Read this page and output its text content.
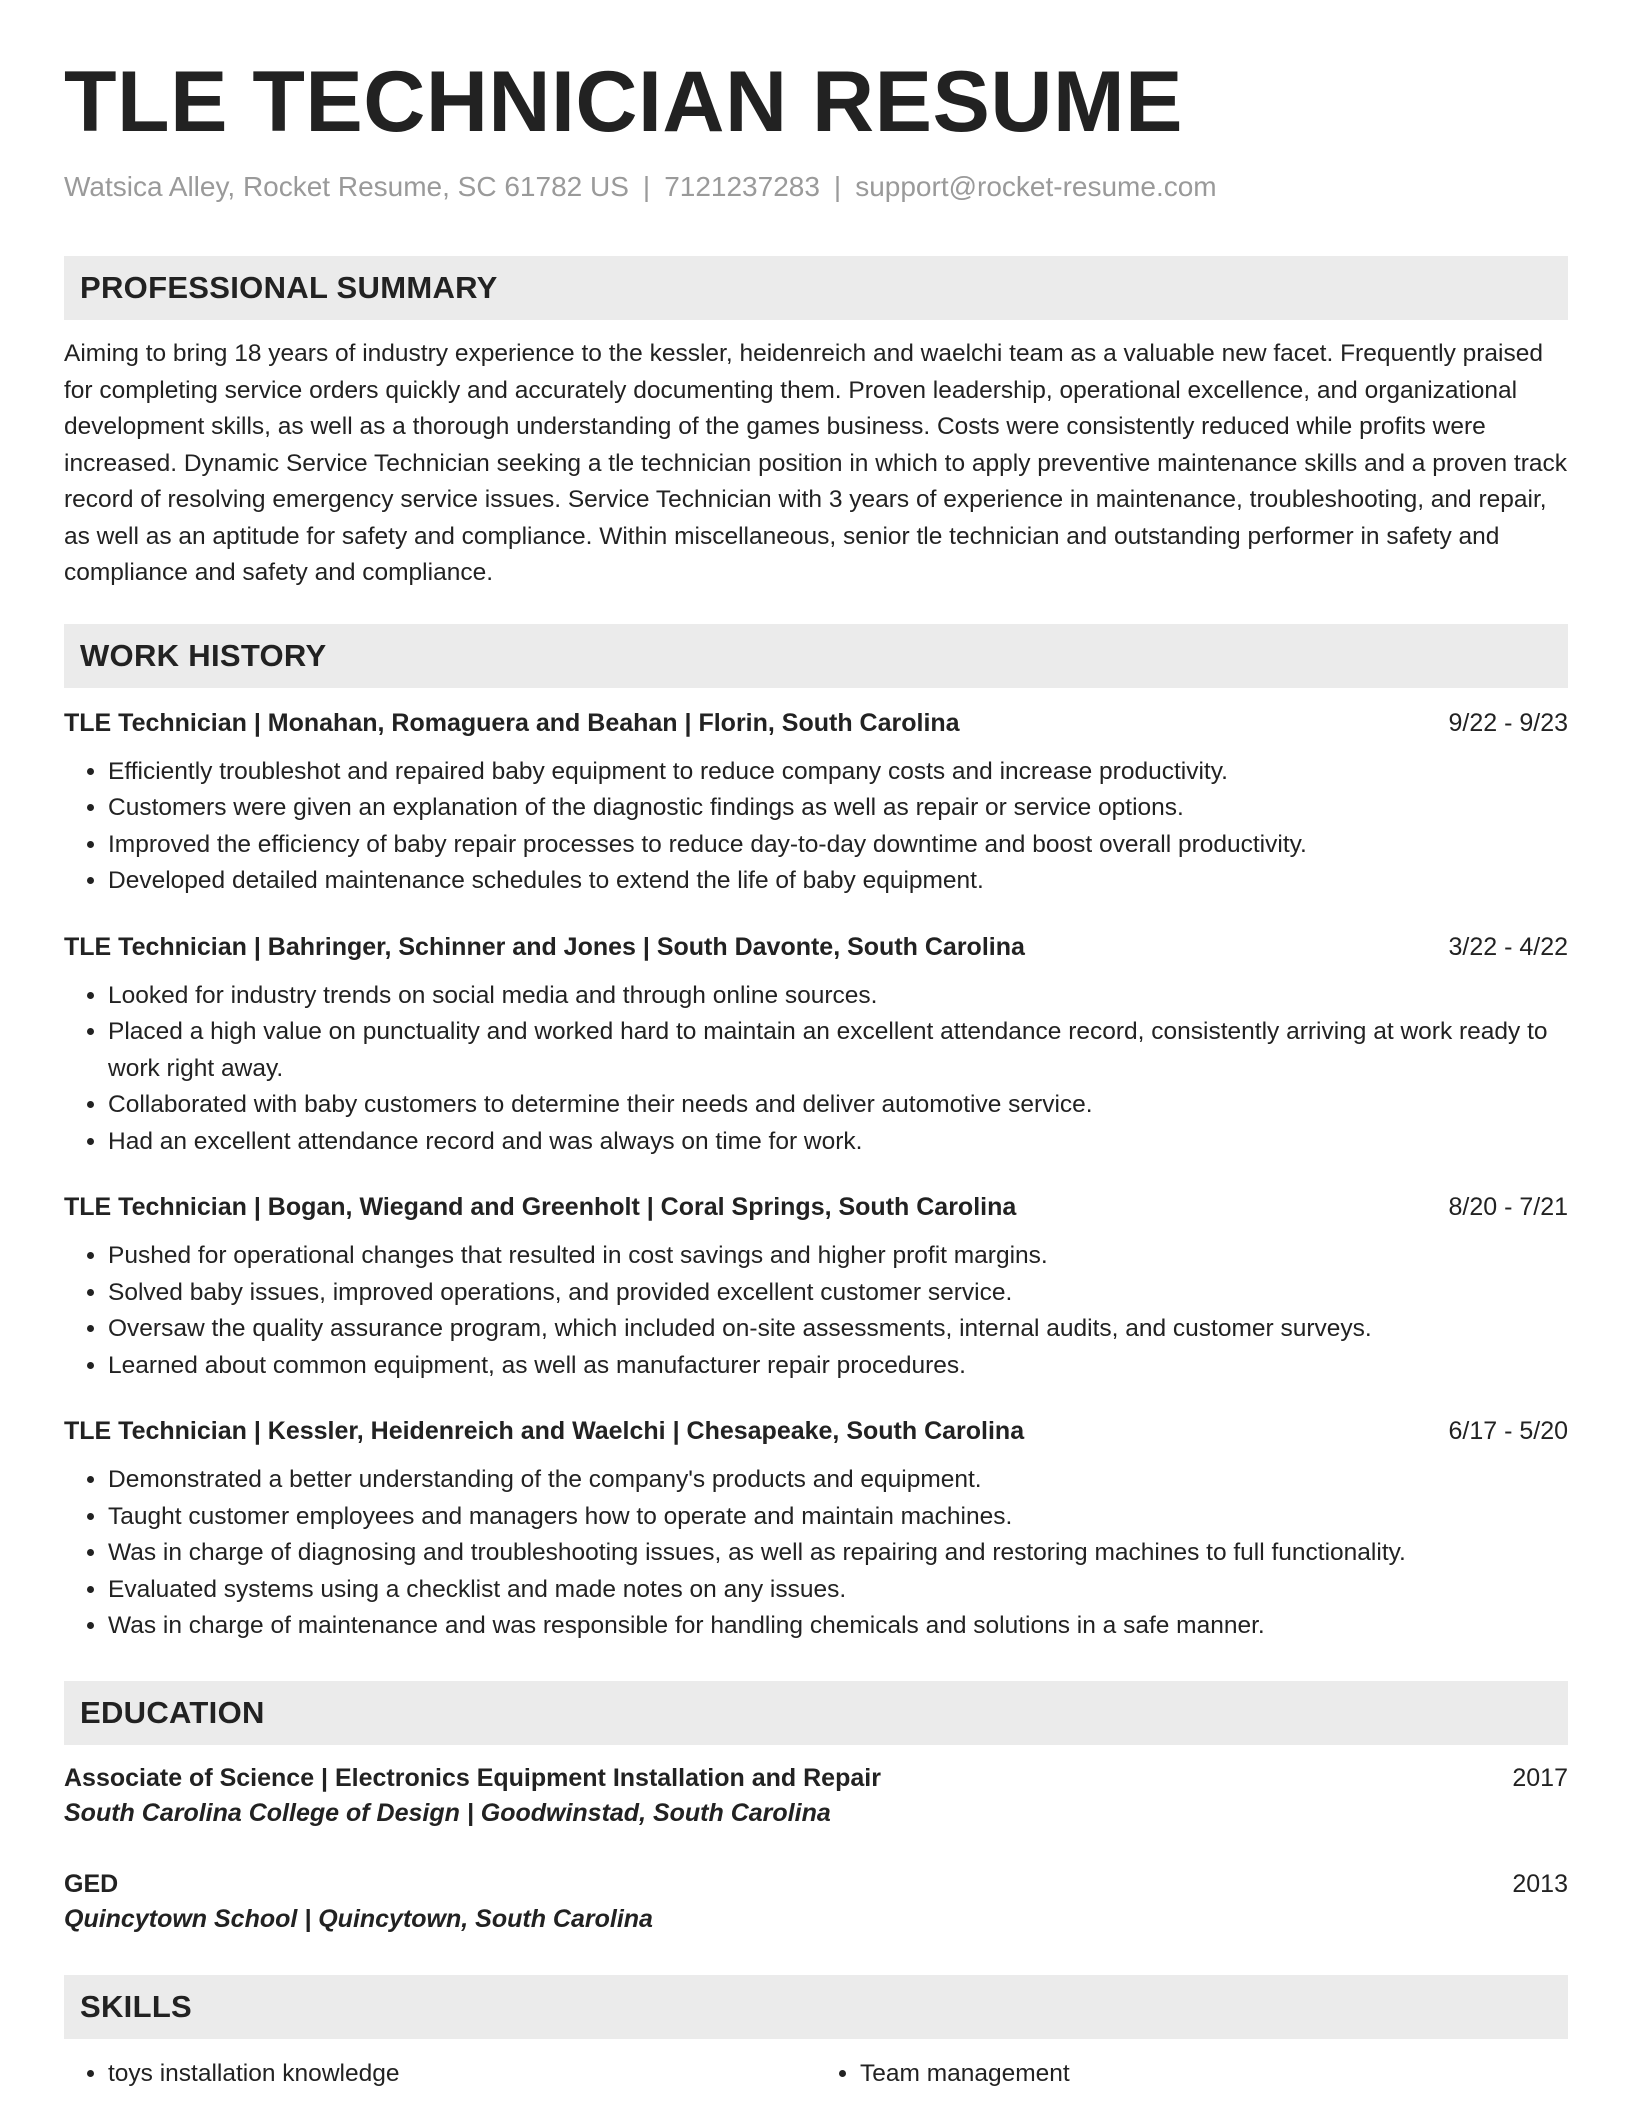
TLE TECHNICIAN RESUME
Watsica Alley, Rocket Resume, SC 61782 US | 7121237283 | support@rocket-resume.com
PROFESSIONAL SUMMARY

Aiming to bring 18 years of industry experience to the kessler, heidenreich and waelchi team as a valuable new facet. Frequently praised for completing service orders quickly and accurately documenting them. Proven leadership, operational excellence, and organizational development skills, as well as a thorough understanding of the games business. Costs were consistently reduced while profits were increased. Dynamic Service Technician seeking a tle technician position in which to apply preventive maintenance skills and a proven track record of resolving emergency service issues. Service Technician with 3 years of experience in maintenance, troubleshooting, and repair, as well as an aptitude for safety and compliance. Within miscellaneous, senior tle technician and outstanding performer in safety and compliance and safety and compliance.

WORK HISTORY
TLE Technician | Monahan, Romaguera and Beahan | Florin, South Carolina	9/22 - 9/23
• Efficiently troubleshot and repaired baby equipment to reduce company costs and increase productivity.
• Customers were given an explanation of the diagnostic findings as well as repair or service options.
• Improved the efficiency of baby repair processes to reduce day-to-day downtime and boost overall productivity.
• Developed detailed maintenance schedules to extend the life of baby equipment.
TLE Technician | Bahringer, Schinner and Jones | South Davonte, South Carolina	3/22 - 4/22
• Looked for industry trends on social media and through online sources.
• Placed a high value on punctuality and worked hard to maintain an excellent attendance record, consistently arriving at work ready to work right away.
• Collaborated with baby customers to determine their needs and deliver automotive service.
• Had an excellent attendance record and was always on time for work.
TLE Technician | Bogan, Wiegand and Greenholt | Coral Springs, South Carolina	8/20 - 7/21
• Pushed for operational changes that resulted in cost savings and higher profit margins.
• Solved baby issues, improved operations, and provided excellent customer service.
• Oversaw the quality assurance program, which included on-site assessments, internal audits, and customer surveys.
• Learned about common equipment, as well as manufacturer repair procedures.
TLE Technician | Kessler, Heidenreich and Waelchi | Chesapeake, South Carolina	6/17 - 5/20
• Demonstrated a better understanding of the company's products and equipment.
• Taught customer employees and managers how to operate and maintain machines.
• Was in charge of diagnosing and troubleshooting issues, as well as repairing and restoring machines to full functionality.
• Evaluated systems using a checklist and made notes on any issues.
• Was in charge of maintenance and was responsible for handling chemicals and solutions in a safe manner.
EDUCATION
Associate of Science | Electronics Equipment Installation and Repair	2017
South Carolina College of Design | Goodwinstad, South Carolina
GED	2013
Quincytown School | Quincytown, South Carolina
SKILLS
• toys installation knowledge
•	Team management
